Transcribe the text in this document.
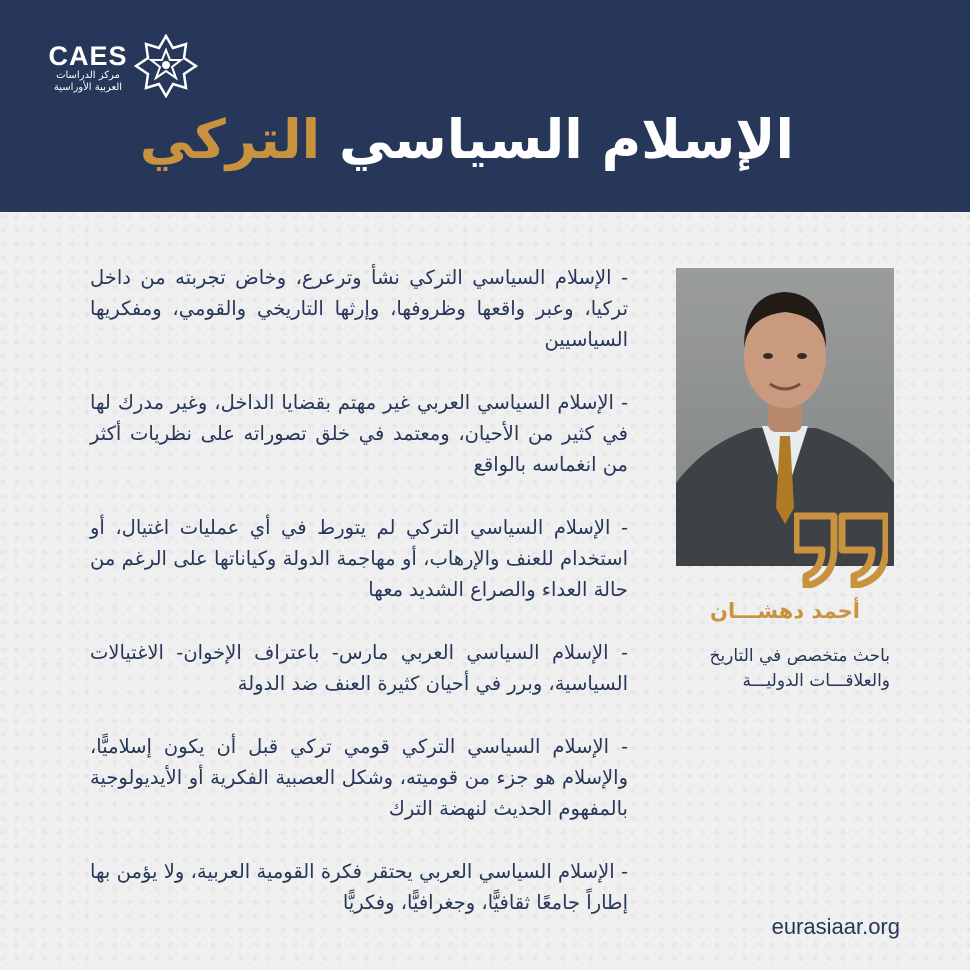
CAES
مركز الدراسات
العربية الأوراسية
الإسلام السياسي التركي

- الإسلام السياسي التركي نشأ وترعرع، وخاض تجربته من داخل تركيا، وعبر واقعها وظروفها، وإرثها التاريخي والقومي، ومفكريها السياسيين

- الإسلام السياسي العربي غير مهتم بقضايا الداخل، وغير مدرك لها في كثير من الأحيان، ومعتمد في خلق تصوراته على نظريات أكثر من انغماسه بالواقع

- الإسلام السياسي التركي لم يتورط في أي عمليات اغتيال، أو استخدام للعنف والإرهاب، أو مهاجمة الدولة وكياناتها على الرغم من حالة العداء والصراع الشديد معها

- الإسلام السياسي العربي مارس- باعتراف الإخوان- الاغتيالات السياسية، وبرر في أحيان كثيرة العنف ضد الدولة

- الإسلام السياسي التركي قومي تركي قبل أن يكون إسلاميًّا، والإسلام هو جزء من قوميته، وشكل العصبية الفكرية أو الأيديولوجية بالمفهوم الحديث لنهضة الترك

- الإسلام السياسي العربي يحتقر فكرة القومية العربية، ولا يؤمن بها إطاراً جامعًا ثقافيًّا، وجغرافيًّا، وفكريًّا

أحمد دهشـــان
باحث متخصص في التاريخ
والعلاقـــات الدوليـــة
eurasiaar.org
